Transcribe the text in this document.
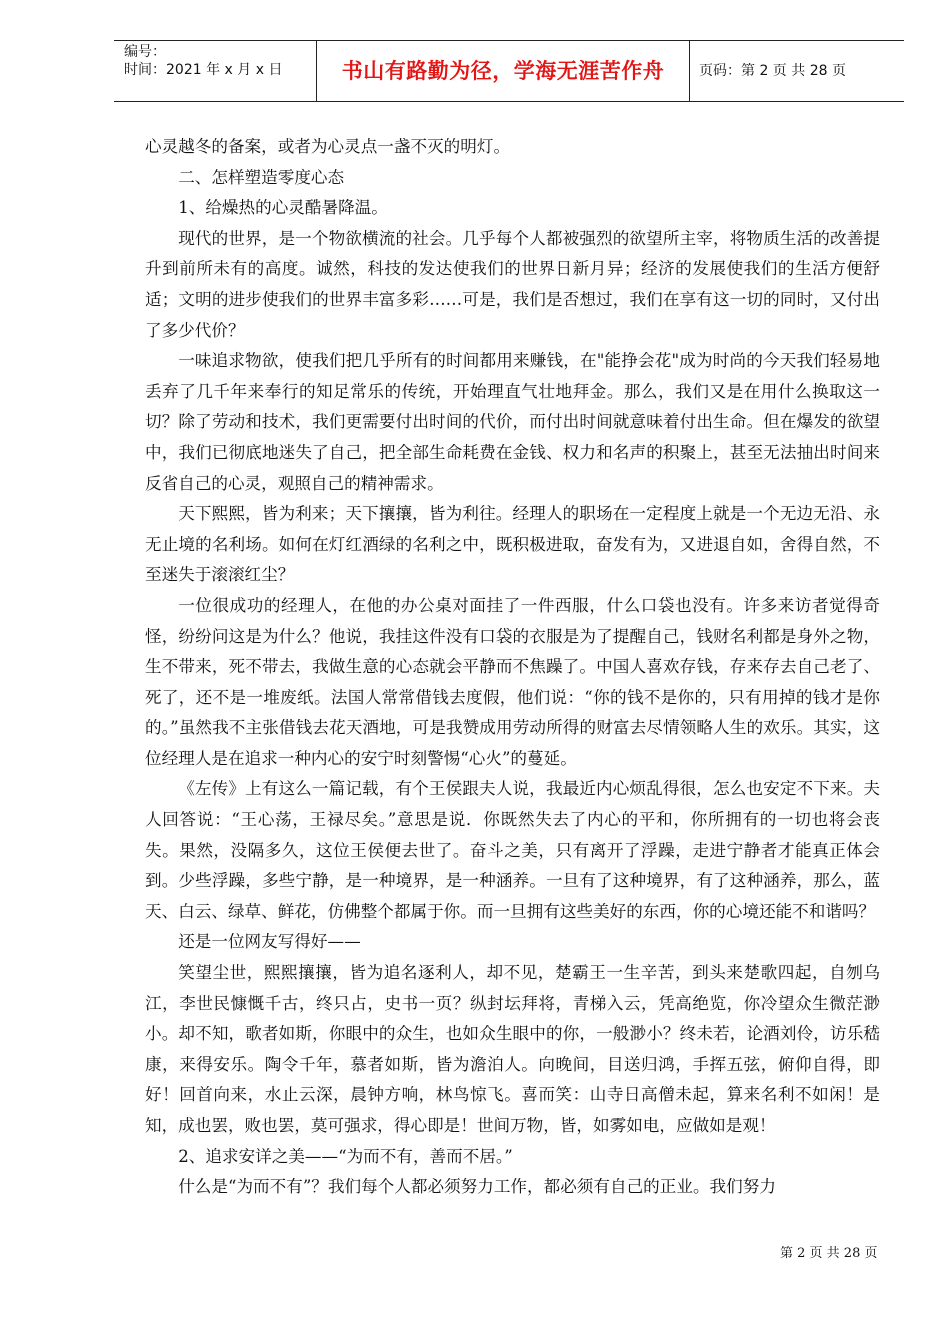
编号：
时间：2021 年 x 月 x 日	书山有路勤为径，学海无涯苦作舟	页码：第 2 页 共 28 页

心灵越冬的备案，或者为心灵点一盏不灭的明灯。

二、怎样塑造零度心态

1、给燥热的心灵酷暑降温。

现代的世界，是一个物欲横流的社会。几乎每个人都被强烈的欲望所主宰，将物质生活的改善提升到前所未有的高度。诚然，科技的发达使我们的世界日新月异；经济的发展使我们的生活方便舒适；文明的进步使我们的世界丰富多彩……可是，我们是否想过，我们在享有这一切的同时，又付出了多少代价？

一味追求物欲，使我们把几乎所有的时间都用来赚钱，在"能挣会花"成为时尚的今天我们轻易地丢弃了几千年来奉行的知足常乐的传统，开始理直气壮地拜金。那么，我们又是在用什么换取这一切？除了劳动和技术，我们更需要付出时间的代价，而付出时间就意味着付出生命。但在爆发的欲望中，我们已彻底地迷失了自己，把全部生命耗费在金钱、权力和名声的积聚上，甚至无法抽出时间来反省自己的心灵，观照自己的精神需求。

天下熙熙，皆为利来；天下攘攘，皆为利往。经理人的职场在一定程度上就是一个无边无沿、永无止境的名利场。如何在灯红酒绿的名利之中，既积极进取，奋发有为，又进退自如，舍得自然，不至迷失于滚滚红尘？

一位很成功的经理人，在他的办公桌对面挂了一件西服，什么口袋也没有。许多来访者觉得奇怪，纷纷问这是为什么？他说，我挂这件没有口袋的衣服是为了提醒自己，钱财名利都是身外之物，生不带来，死不带去，我做生意的心态就会平静而不焦躁了。中国人喜欢存钱，存来存去自己老了、死了，还不是一堆废纸。法国人常常借钱去度假，他们说：“你的钱不是你的，只有用掉的钱才是你的。”虽然我不主张借钱去花天酒地，可是我赞成用劳动所得的财富去尽情领略人生的欢乐。其实，这位经理人是在追求一种内心的安宁时刻警惕“心火”的蔓延。

《左传》上有这么一篇记载，有个王侯跟夫人说，我最近内心烦乱得很，怎么也安定不下来。夫人回答说：“王心荡，王禄尽矣。”意思是说．你既然失去了内心的平和，你所拥有的一切也将会丧失。果然，没隔多久，这位王侯便去世了。奋斗之美，只有离开了浮躁，走进宁静者才能真正体会到。少些浮躁，多些宁静，是一种境界，是一种涵养。一旦有了这种境界，有了这种涵养，那么，蓝天、白云、绿草、鲜花，仿佛整个都属于你。而一旦拥有这些美好的东西，你的心境还能不和谐吗？

还是一位网友写得好——

笑望尘世，熙熙攘攘，皆为追名逐利人，却不见，楚霸王一生辛苦，到头来楚歌四起，自刎乌江，李世民慷慨千古，终只占，史书一页？纵封坛拜将，青梯入云，凭高绝览，你冷望众生微茫渺小。却不知，歌者如斯，你眼中的众生，也如众生眼中的你，一般渺小？终未若，论酒刘伶，访乐嵇康，来得安乐。陶令千年，慕者如斯，皆为澹泊人。向晚间，目送归鸿，手挥五弦，俯仰自得，即好！回首向来，水止云深，晨钟方响，林鸟惊飞。喜而笑：山寺日高僧未起，算来名利不如闲！是知，成也罢，败也罢，莫可强求，得心即是！世间万物，皆，如雾如电，应做如是观！

2、追求安详之美——“为而不有，善而不居。”

什么是“为而不有”？我们每个人都必须努力工作，都必须有自己的正业。我们努力

第 2 页 共 28 页
